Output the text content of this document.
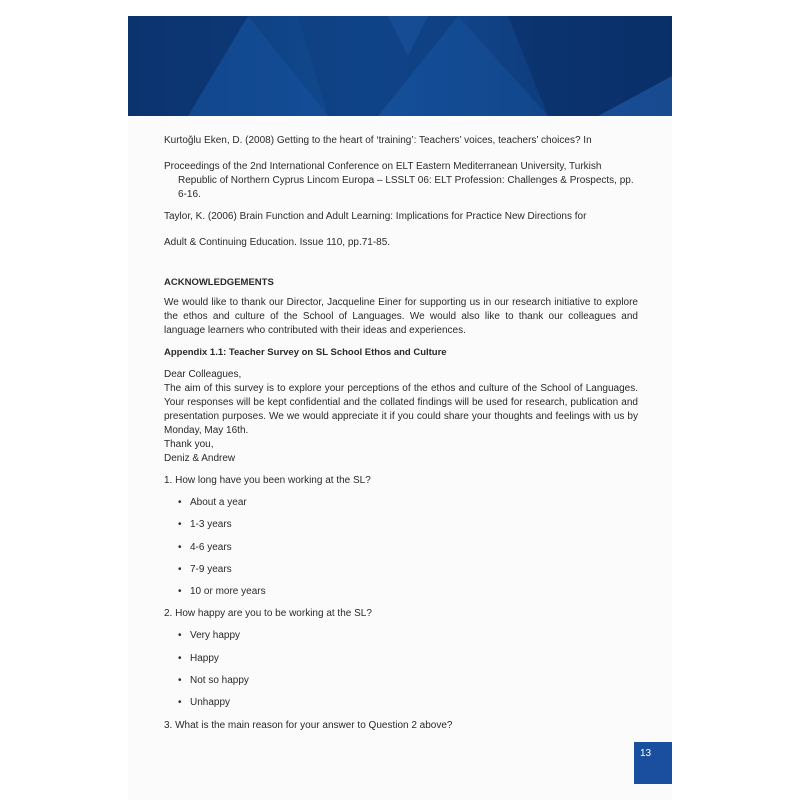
Kurtoğlu Eken, D. (2008) Getting to the heart of ‘training’: Teachers’ voices, teachers’ choices? In
Proceedings of the 2nd International Conference on ELT Eastern Mediterranean University, Turkish Republic of Northern Cyprus Lincom Europa – LSSLT 06: ELT Profession: Challenges & Prospects, pp. 6-16.
Taylor, K. (2006) Brain Function and Adult Learning: Implications for Practice New Directions for
Adult & Continuing Education. Issue 110, pp.71-85.
ACKNOWLEDGEMENTS
We would like to thank our Director, Jacqueline Einer for supporting us in our research initiative to explore the ethos and culture of the School of Languages. We would also like to thank our colleagues and language learners who contributed with their ideas and experiences.
Appendix 1.1: Teacher Survey on SL School Ethos and Culture
Dear Colleagues,
The aim of this survey is to explore your perceptions of the ethos and culture of the School of Languages. Your responses will be kept confidential and the collated findings will be used for research, publication and presentation purposes. We we would appreciate it if you could share your thoughts and feelings with us by Monday, May 16th.
Thank you,
Deniz & Andrew
1. How long have you been working at the SL?
• About a year
• 1-3 years
• 4-6 years
• 7-9 years
• 10 or more years
2. How happy are you to be working at the SL?
• Very happy
• Happy
• Not so happy
• Unhappy
3. What is the main reason for your answer to Question 2 above?
13
